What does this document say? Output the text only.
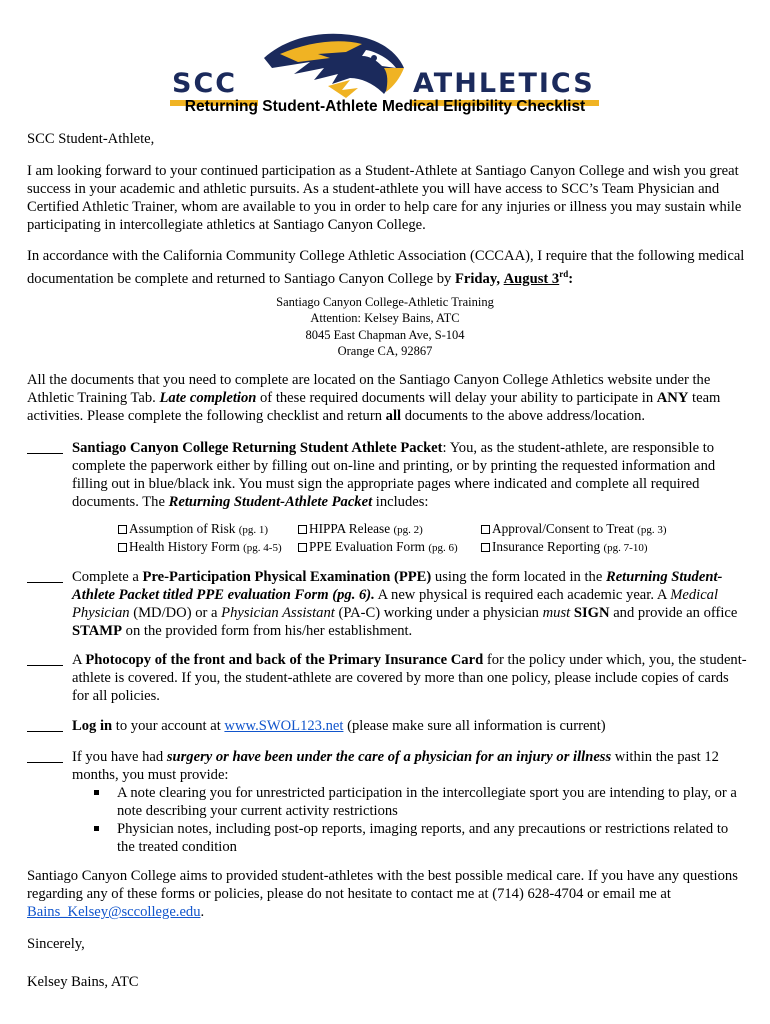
SCC	ATHLETICS
Returning Student-Athlete Medical Eligibility Checklist

SCC Student-Athlete,

I am looking forward to your continued participation as a Student-Athlete at Santiago Canyon College and wish you great success in your academic and athletic pursuits. As a student-athlete you will have access to SCC’s Team Physician and Certified Athletic Trainer, whom are available to you in order to help care for any injuries or illness you may sustain while participating in intercollegiate athletics at Santiago Canyon College.

In accordance with the California Community College Athletic Association (CCCAA), I require that the following medical documentation be complete and returned to Santiago Canyon College by Friday, August 3rd:

Santiago Canyon College-Athletic Training
Attention: Kelsey Bains, ATC
8045 East Chapman Ave, S-104
Orange CA, 92867

All the documents that you need to complete are located on the Santiago Canyon College Athletics website under the Athletic Training Tab. Late completion of these required documents will delay your ability to participate in ANY team activities. Please complete the following checklist and return all documents to the above address/location.

Santiago Canyon College Returning Student Athlete Packet: You, as the student-athlete, are responsible to complete the paperwork either by filling out on-line and printing, or by printing the requested information and filling out in blue/black ink. You must sign the appropriate pages where indicated and complete all required documents. The Returning Student-Athlete Packet includes:
Assumption of Risk (pg. 1)	HIPPA Release (pg. 2)	Approval/Consent to Treat (pg. 3)
Health History Form (pg. 4-5)	PPE Evaluation Form (pg. 6)	Insurance Reporting (pg. 7-10)
Complete a Pre-Participation Physical Examination (PPE) using the form located in the Returning Student-Athlete Packet titled PPE evaluation Form (pg. 6). A new physical is required each academic year. A Medical Physician (MD/DO) or a Physician Assistant (PA-C) working under a physician must SIGN and provide an office STAMP on the provided form from his/her establishment.
A Photocopy of the front and back of the Primary Insurance Card for the policy under which, you, the student-athlete is covered. If you, the student-athlete are covered by more than one policy, please include copies of cards for all policies.
Log in to your account at www.SWOL123.net (please make sure all information is current)
If you have had surgery or have been under the care of a physician for an injury or illness within the past 12 months, you must provide:
A note clearing you for unrestricted participation in the intercollegiate sport you are intending to play, or a note describing your current activity restrictions
Physician notes, including post-op reports, imaging reports, and any precautions or restrictions related to the treated condition

Santiago Canyon College aims to provided student-athletes with the best possible medical care. If you have any questions regarding any of these forms or policies, please do not hesitate to contact me at (714) 628-4704 or email me at Bains_Kelsey@sccollege.edu.

Sincerely,

Kelsey Bains, ATC
